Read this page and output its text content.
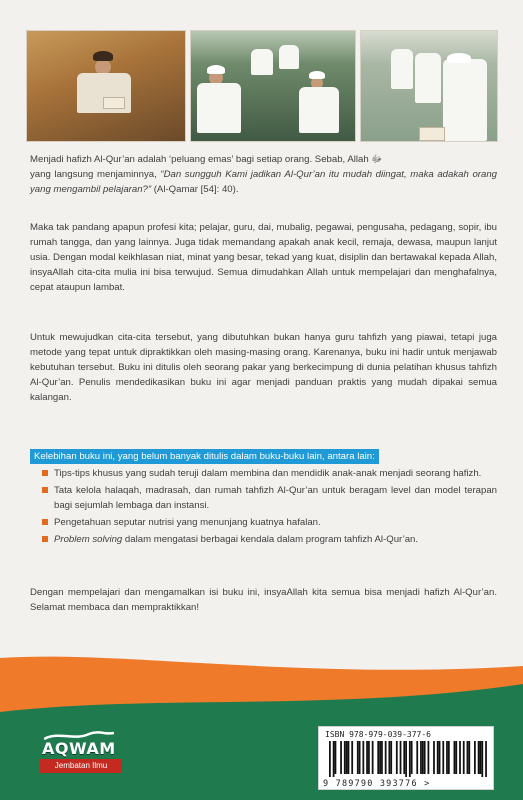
Menjadi hafizh Al-Qur’an adalah ‘peluang emas’ bagi setiap orang. Sebab, Allah ﷻ
yang langsung menjaminnya, “Dan sungguh Kami jadikan Al-Qur’an itu mudah diingat, maka adakah orang yang mengambil pelajaran?” (Al-Qamar [54]: 40).
Maka tak pandang apapun profesi kita; pelajar, guru, dai, mubalig, pegawai, pengusaha, pedagang, sopir, ibu rumah tangga, dan yang lainnya. Juga tidak memandang apakah anak kecil, remaja, dewasa, maupun lanjut usia. Dengan modal keikhlasan niat, minat yang besar, tekad yang kuat, disiplin dan bertawakal kepada Allah, insyaAllah cita-cita mulia ini bisa terwujud. Semua dimudahkan Allah untuk mempelajari dan menghafalnya, cepat ataupun lambat.
Untuk mewujudkan cita-cita tersebut, yang dibutuhkan bukan hanya guru tahfizh yang piawai, tetapi juga metode yang tepat untuk dipraktikkan oleh masing-masing orang. Karenanya, buku ini hadir untuk menjawab kebutuhan tersebut. Buku ini ditulis oleh seorang pakar yang berkecimpung di dunia pelatihan khusus tahfizh Al-Qur’an. Penulis mendedikasikan buku ini agar menjadi panduan praktis yang mudah dipakai semua kalangan.
Kelebihan buku ini, yang belum banyak ditulis dalam buku-buku lain, antara lain:
Tips-tips khusus yang sudah teruji dalam membina dan mendidik anak-anak menjadi seorang hafizh.
Tata kelola halaqah, madrasah, dan rumah tahfizh Al-Qur’an untuk beragam level dan model terapan bagi sejumlah lembaga dan instansi.
Pengetahuan seputar nutrisi yang menunjang kuatnya hafalan.
Problem solving dalam mengatasi berbagai kendala dalam program tahfizh Al-Qur’an.
Dengan mempelajari dan mengamalkan isi buku ini, insyaAllah kita semua bisa menjadi hafizh Al-Qur’an. Selamat membaca dan mempraktikkan!
AQWAM
Jembatan Ilmu
ISBN 978-979-039-377-6
9 789790 393776 >
